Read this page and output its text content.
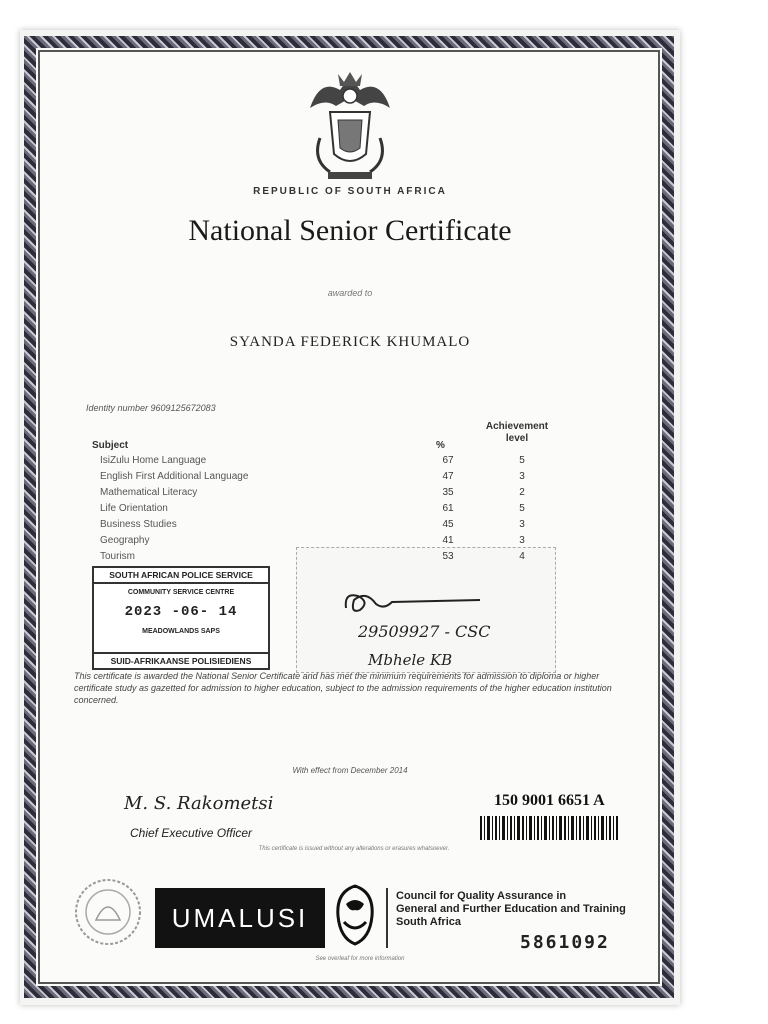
REPUBLIC OF SOUTH AFRICA
National Senior Certificate
awarded to
SYANDA FEDERICK KHUMALO
Identity number 9609125672083
Achievement
level
Subject	%
IsiZulu Home Language	67	5
English First Additional Language	47	3
Mathematical Literacy	35	2
Life Orientation	61	5
Business Studies	45	3
Geography	41	3
Tourism	53	4
29509927 - CSC
Mbhele KB
SOUTH AFRICAN POLICE SERVICE
COMMUNITY SERVICE CENTRE
2023 -06- 14
MEADOWLANDS SAPS
SUID-AFRIKAANSE POLISIEDIENS
This certificate is awarded the National Senior Certificate and has met the minimum requirements for admission to diploma or higher certificate study as gazetted for admission to higher education, subject to the admission requirements of the higher education institution concerned.
With effect from December 2014
M. S. Rakometsi
Chief Executive Officer
This certificate is issued without any alterations or erasures whatsoever.
150 9001 6651 A
UMALUSI
Council for Quality Assurance in
General and Further Education and Training
South Africa
5861092
See overleaf for more information
